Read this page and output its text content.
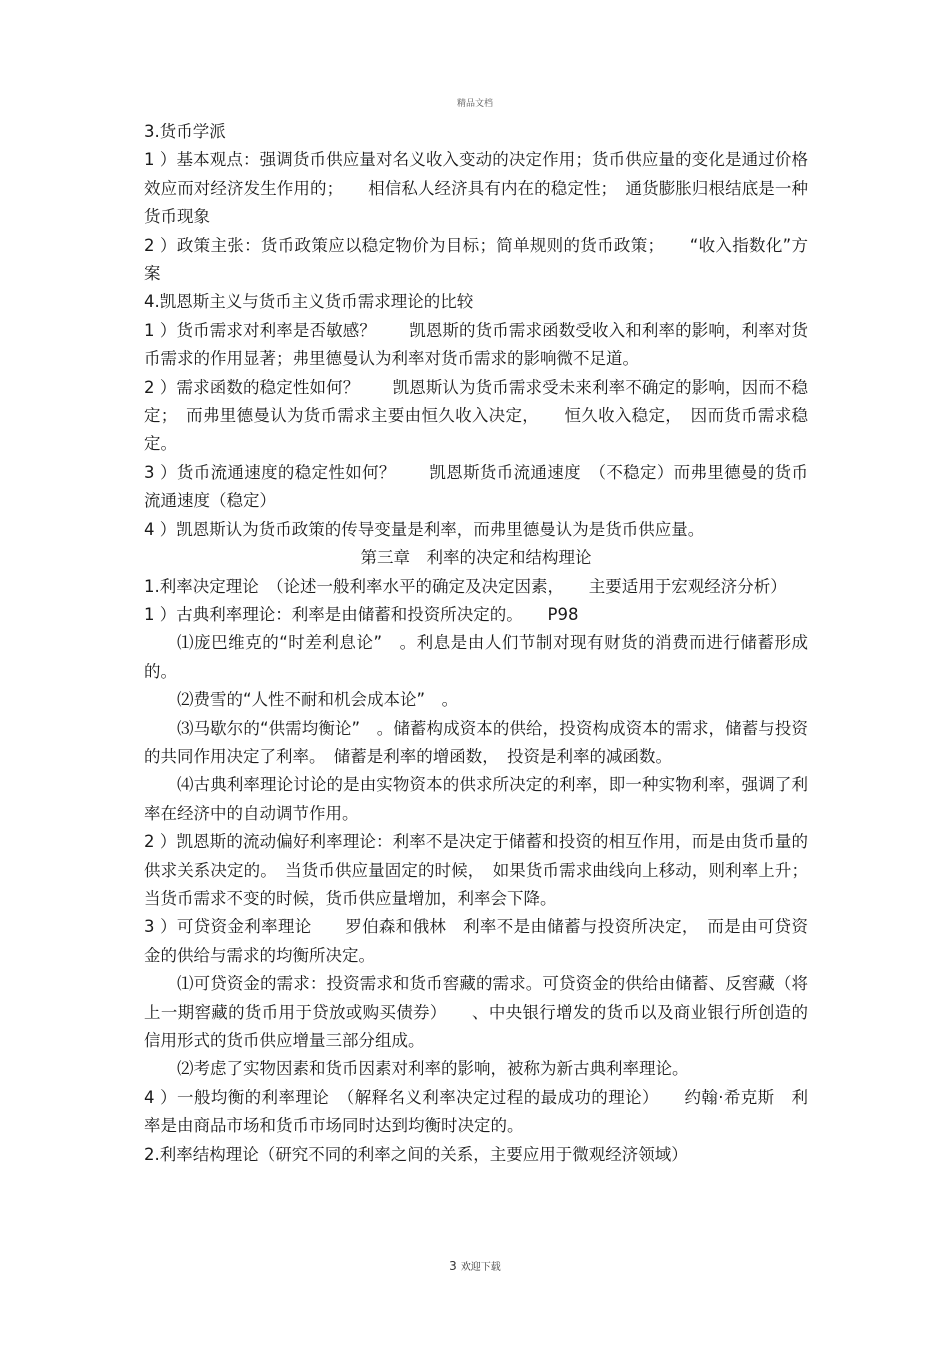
精品文档

3.货币学派

1 ）基本观点：强调货币供应量对名义收入变动的决定作用；货币供应量的变化是通过价格效应而对经济发生作用的；　　相信私人经济具有内在的稳定性；　通货膨胀归根结底是一种货币现象

2 ）政策主张：货币政策应以稳定物价为目标；简单规则的货币政策；　　“收入指数化”方案

4.凯恩斯主义与货币主义货币需求理论的比较

1 ）货币需求对利率是否敏感？　　凯恩斯的货币需求函数受收入和利率的影响，利率对货币需求的作用显著；弗里德曼认为利率对货币需求的影响微不足道。

2 ）需求函数的稳定性如何？　　凯恩斯认为货币需求受未来利率不确定的影响，因而不稳定；　而弗里德曼认为货币需求主要由恒久收入决定，　　恒久收入稳定，　因而货币需求稳定。

3 ）货币流通速度的稳定性如何？　　凯恩斯货币流通速度　（不稳定）而弗里德曼的货币流通速度（稳定）

4 ）凯恩斯认为货币政策的传导变量是利率，而弗里德曼认为是货币供应量。

第三章　利率的决定和结构理论

1.利率决定理论　（论述一般利率水平的确定及决定因素，　　主要适用于宏观经济分析）

1 ）古典利率理论：利率是由储蓄和投资所决定的。　　P98

⑴庞巴维克的“时差利息论”　。利息是由人们节制对现有财货的消费而进行储蓄形成的。

⑵费雪的“人性不耐和机会成本论”　。

⑶马歇尔的“供需均衡论”　。储蓄构成资本的供给，投资构成资本的需求，储蓄与投资的共同作用决定了利率。　储蓄是利率的增函数，　投资是利率的减函数。

⑷古典利率理论讨论的是由实物资本的供求所决定的利率，即一种实物利率，强调了利率在经济中的自动调节作用。

2 ）凯恩斯的流动偏好利率理论：利率不是决定于储蓄和投资的相互作用，而是由货币量的供求关系决定的。　当货币供应量固定的时候，　如果货币需求曲线向上移动，则利率上升；当货币需求不变的时候，货币供应量增加，利率会下降。

3 ）可贷资金利率理论　　罗伯森和俄林　利率不是由储蓄与投资所决定，　而是由可贷资金的供给与需求的均衡所决定。

⑴可贷资金的需求：投资需求和货币窖藏的需求。可贷资金的供给由储蓄、反窖藏（将上一期窖藏的货币用于贷放或购买债券）　　、中央银行增发的货币以及商业银行所创造的信用形式的货币供应增量三部分组成。

⑵考虑了实物因素和货币因素对利率的影响，被称为新古典利率理论。

4 ）一般均衡的利率理论　（解释名义利率决定过程的最成功的理论）　　约翰·希克斯　利率是由商品市场和货币市场同时达到均衡时决定的。

2.利率结构理论（研究不同的利率之间的关系，主要应用于微观经济领域）

3 欢迎下载
